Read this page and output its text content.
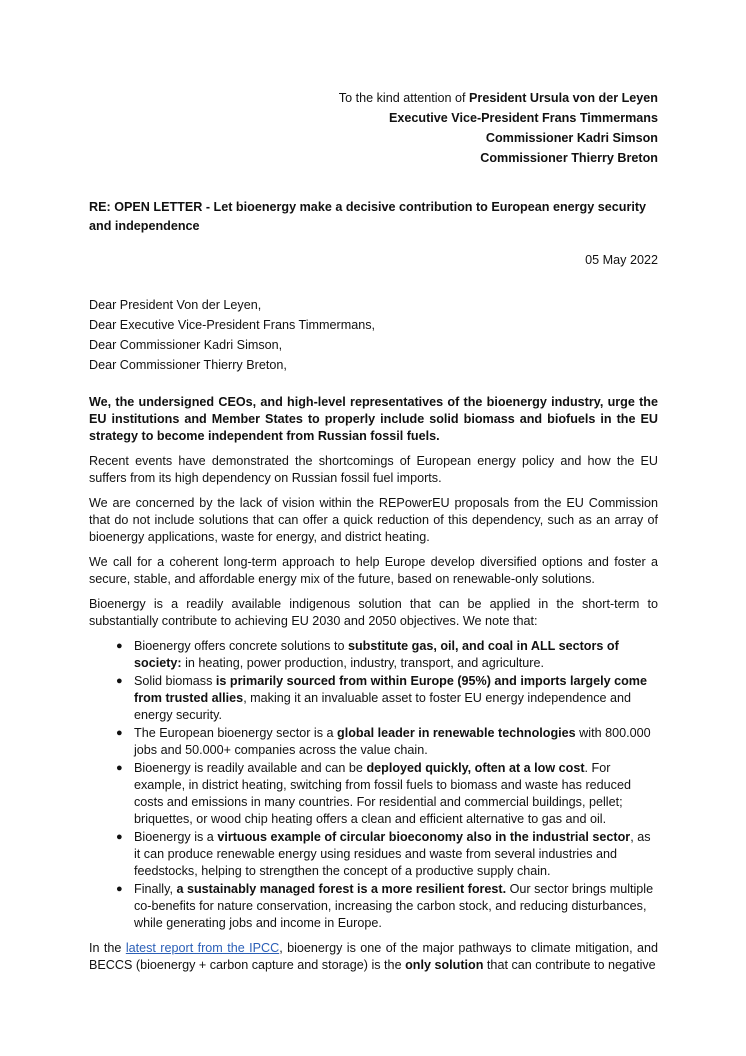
To the kind attention of President Ursula von der Leyen
Executive Vice-President Frans Timmermans
Commissioner Kadri Simson
Commissioner Thierry Breton
RE: OPEN LETTER - Let bioenergy make a decisive contribution to European energy security and independence
05 May 2022
Dear President Von der Leyen,
Dear Executive Vice-President Frans Timmermans,
Dear Commissioner Kadri Simson,
Dear Commissioner Thierry Breton,

We, the undersigned CEOs, and high-level representatives of the bioenergy industry, urge the EU institutions and Member States to properly include solid biomass and biofuels in the EU strategy to become independent from Russian fossil fuels.

Recent events have demonstrated the shortcomings of European energy policy and how the EU suffers from its high dependency on Russian fossil fuel imports.

We are concerned by the lack of vision within the REPowerEU proposals from the EU Commission that do not include solutions that can offer a quick reduction of this dependency, such as an array of bioenergy applications, waste for energy, and district heating.

We call for a coherent long-term approach to help Europe develop diversified options and foster a secure, stable, and affordable energy mix of the future, based on renewable-only solutions.

Bioenergy is a readily available indigenous solution that can be applied in the short-term to substantially contribute to achieving EU 2030 and 2050 objectives. We note that:

● Bioenergy offers concrete solutions to substitute gas, oil, and coal in ALL sectors of society: in heating, power production, industry, transport, and agriculture.
● Solid biomass is primarily sourced from within Europe (95%) and imports largely come from trusted allies, making it an invaluable asset to foster EU energy independence and energy security.
● The European bioenergy sector is a global leader in renewable technologies with 800.000 jobs and 50.000+ companies across the value chain.
● Bioenergy is readily available and can be deployed quickly, often at a low cost. For example, in district heating, switching from fossil fuels to biomass and waste has reduced costs and emissions in many countries. For residential and commercial buildings, pellet; briquettes, or wood chip heating offers a clean and efficient alternative to gas and oil.
● Bioenergy is a virtuous example of circular bioeconomy also in the industrial sector, as it can produce renewable energy using residues and waste from several industries and feedstocks, helping to strengthen the concept of a productive supply chain.
● Finally, a sustainably managed forest is a more resilient forest. Our sector brings multiple co-benefits for nature conservation, increasing the carbon stock, and reducing disturbances, while generating jobs and income in Europe.

In the latest report from the IPCC, bioenergy is one of the major pathways to climate mitigation, and BECCS (bioenergy + carbon capture and storage) is the only solution that can contribute to negative
